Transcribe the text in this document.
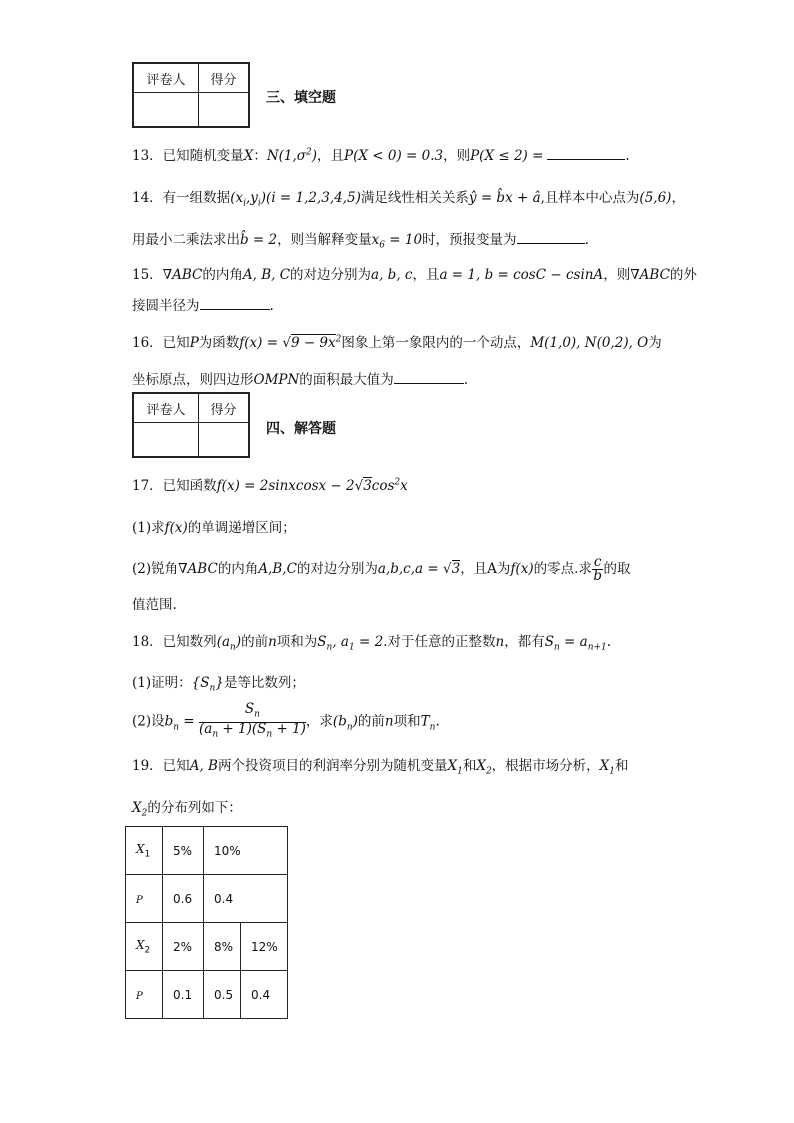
评卷人	得分

三、填空题
13．已知随机变量X：$N(1,\sigma^2)$，且P(X < 0) = 0.3，则P(X ≤ 2) =	.
14．有一组数据$(x_i,y_i)(i = 1,2,3,4,5)$满足线性相关关系ŷ = b̂x + â,且样本中心点为(5,6)，
用最小二乘法求出b̂ = 2，则当解释变量$x_6 = 10$时，预报变量为	.
15．∇ABC的内角A, B, C的对边分别为a, b, c，且a = 1, b = cosC − csinA，则∇ABC的外
接圆半径为	.
16．已知P为函数$f(x) = √9 - 9x^2$图象上第一象限内的一个动点，M(1,0), N(0,2), O为
坐标原点，则四边形OMPN的面积最大值为	.
评卷人	得分

四、解答题
17．已知函数f(x) = 2sinxcosx − $2√3\cos^2x$
(1)求f(x)的单调递增区间；
(2)锐角∇ABC的内角A,B,C的对边分别为a,b,c,a = √3，且A为f(x)的零点.求 $\frac{c}{b}$ 的取
值范围.
18．已知数列$(a_n)$的前n项和为$S_n$, $a_1 = 2$.对于任意的正整数n，都有$S_n = a_{n+1}$.
(1)证明：$\{S_n\}$是等比数列；
(2)设$b_n = \frac{S_n}{(a_n + 1)(S_n + 1)}$ ，求$(b_n)$的前n项和$T_n$.
19．已知A, B两个投资项目的利润率分别为随机变量$X_1$和$X_2$，根据市场分析，$X_1$和
$X_2$的分布列如下：
$X_1$	5%	10%	
P	0.6	0.4	
$X_2$	2%	8%	12%
P	0.1	0.5	0.4
